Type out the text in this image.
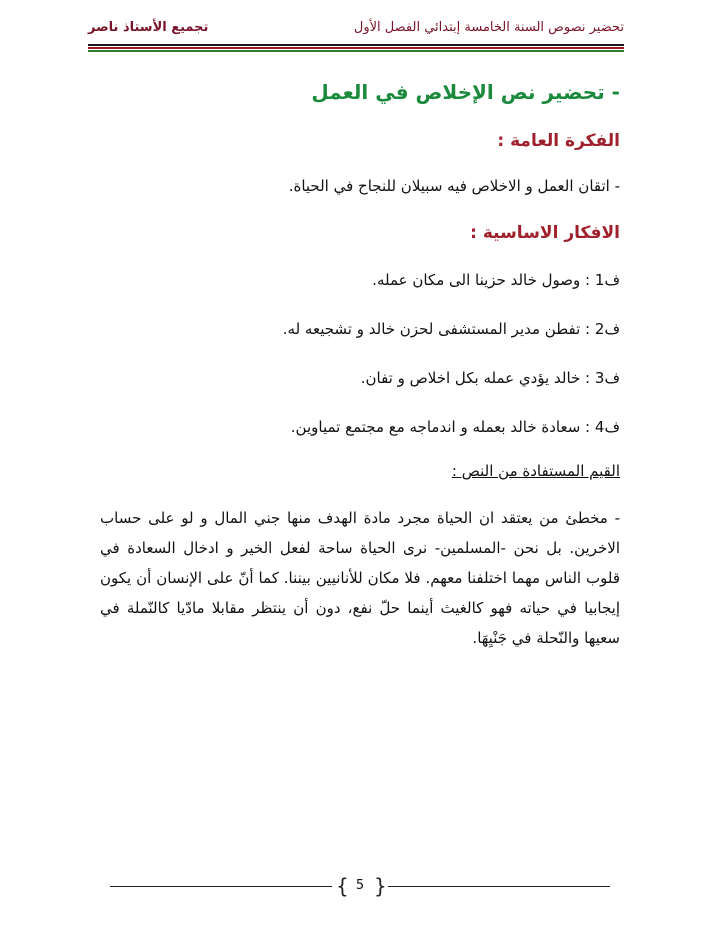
تحضير نصوص السنة الخامسة إبتدائي الفصل الأول
تجميع الأستاذ ناصر
- تحضير نص الإخلاص في العمل
الفكرة العامة :
- اتقان العمل و الاخلاص فيه سبيلان للنجاح في الحياة.
الافكار الاساسية :
ف1 : وصول خالد حزينا الى مكان عمله.
ف2 : تفطن مدير المستشفى لحزن خالد و تشجيعه له.
ف3 : خالد يؤدي عمله بكل اخلاص و تفان.
ف4 : سعادة خالد بعمله و اندماجه مع مجتمع تمياوين.
القيم المستفادة من النص :
- مخطئ من يعتقد ان الحياة مجرد مادة الهدف منها جني المال و لو على حساب الاخرين. بل نحن -المسلمين- نرى الحياة ساحة لفعل الخير و ادخال السعادة في قلوب الناس مهما اختلفنا معهم. فلا مكان للأنانيين بيننا. كما أنّ على الإنسان أن يكون إيجابيا في حياته فهو كالغيث أينما حلّ نفع، دون أن ينتظر مقابلا مادّيا كالنّملة في سعيها والنّحلة في جَنْيِهَا.
{ 5 }
